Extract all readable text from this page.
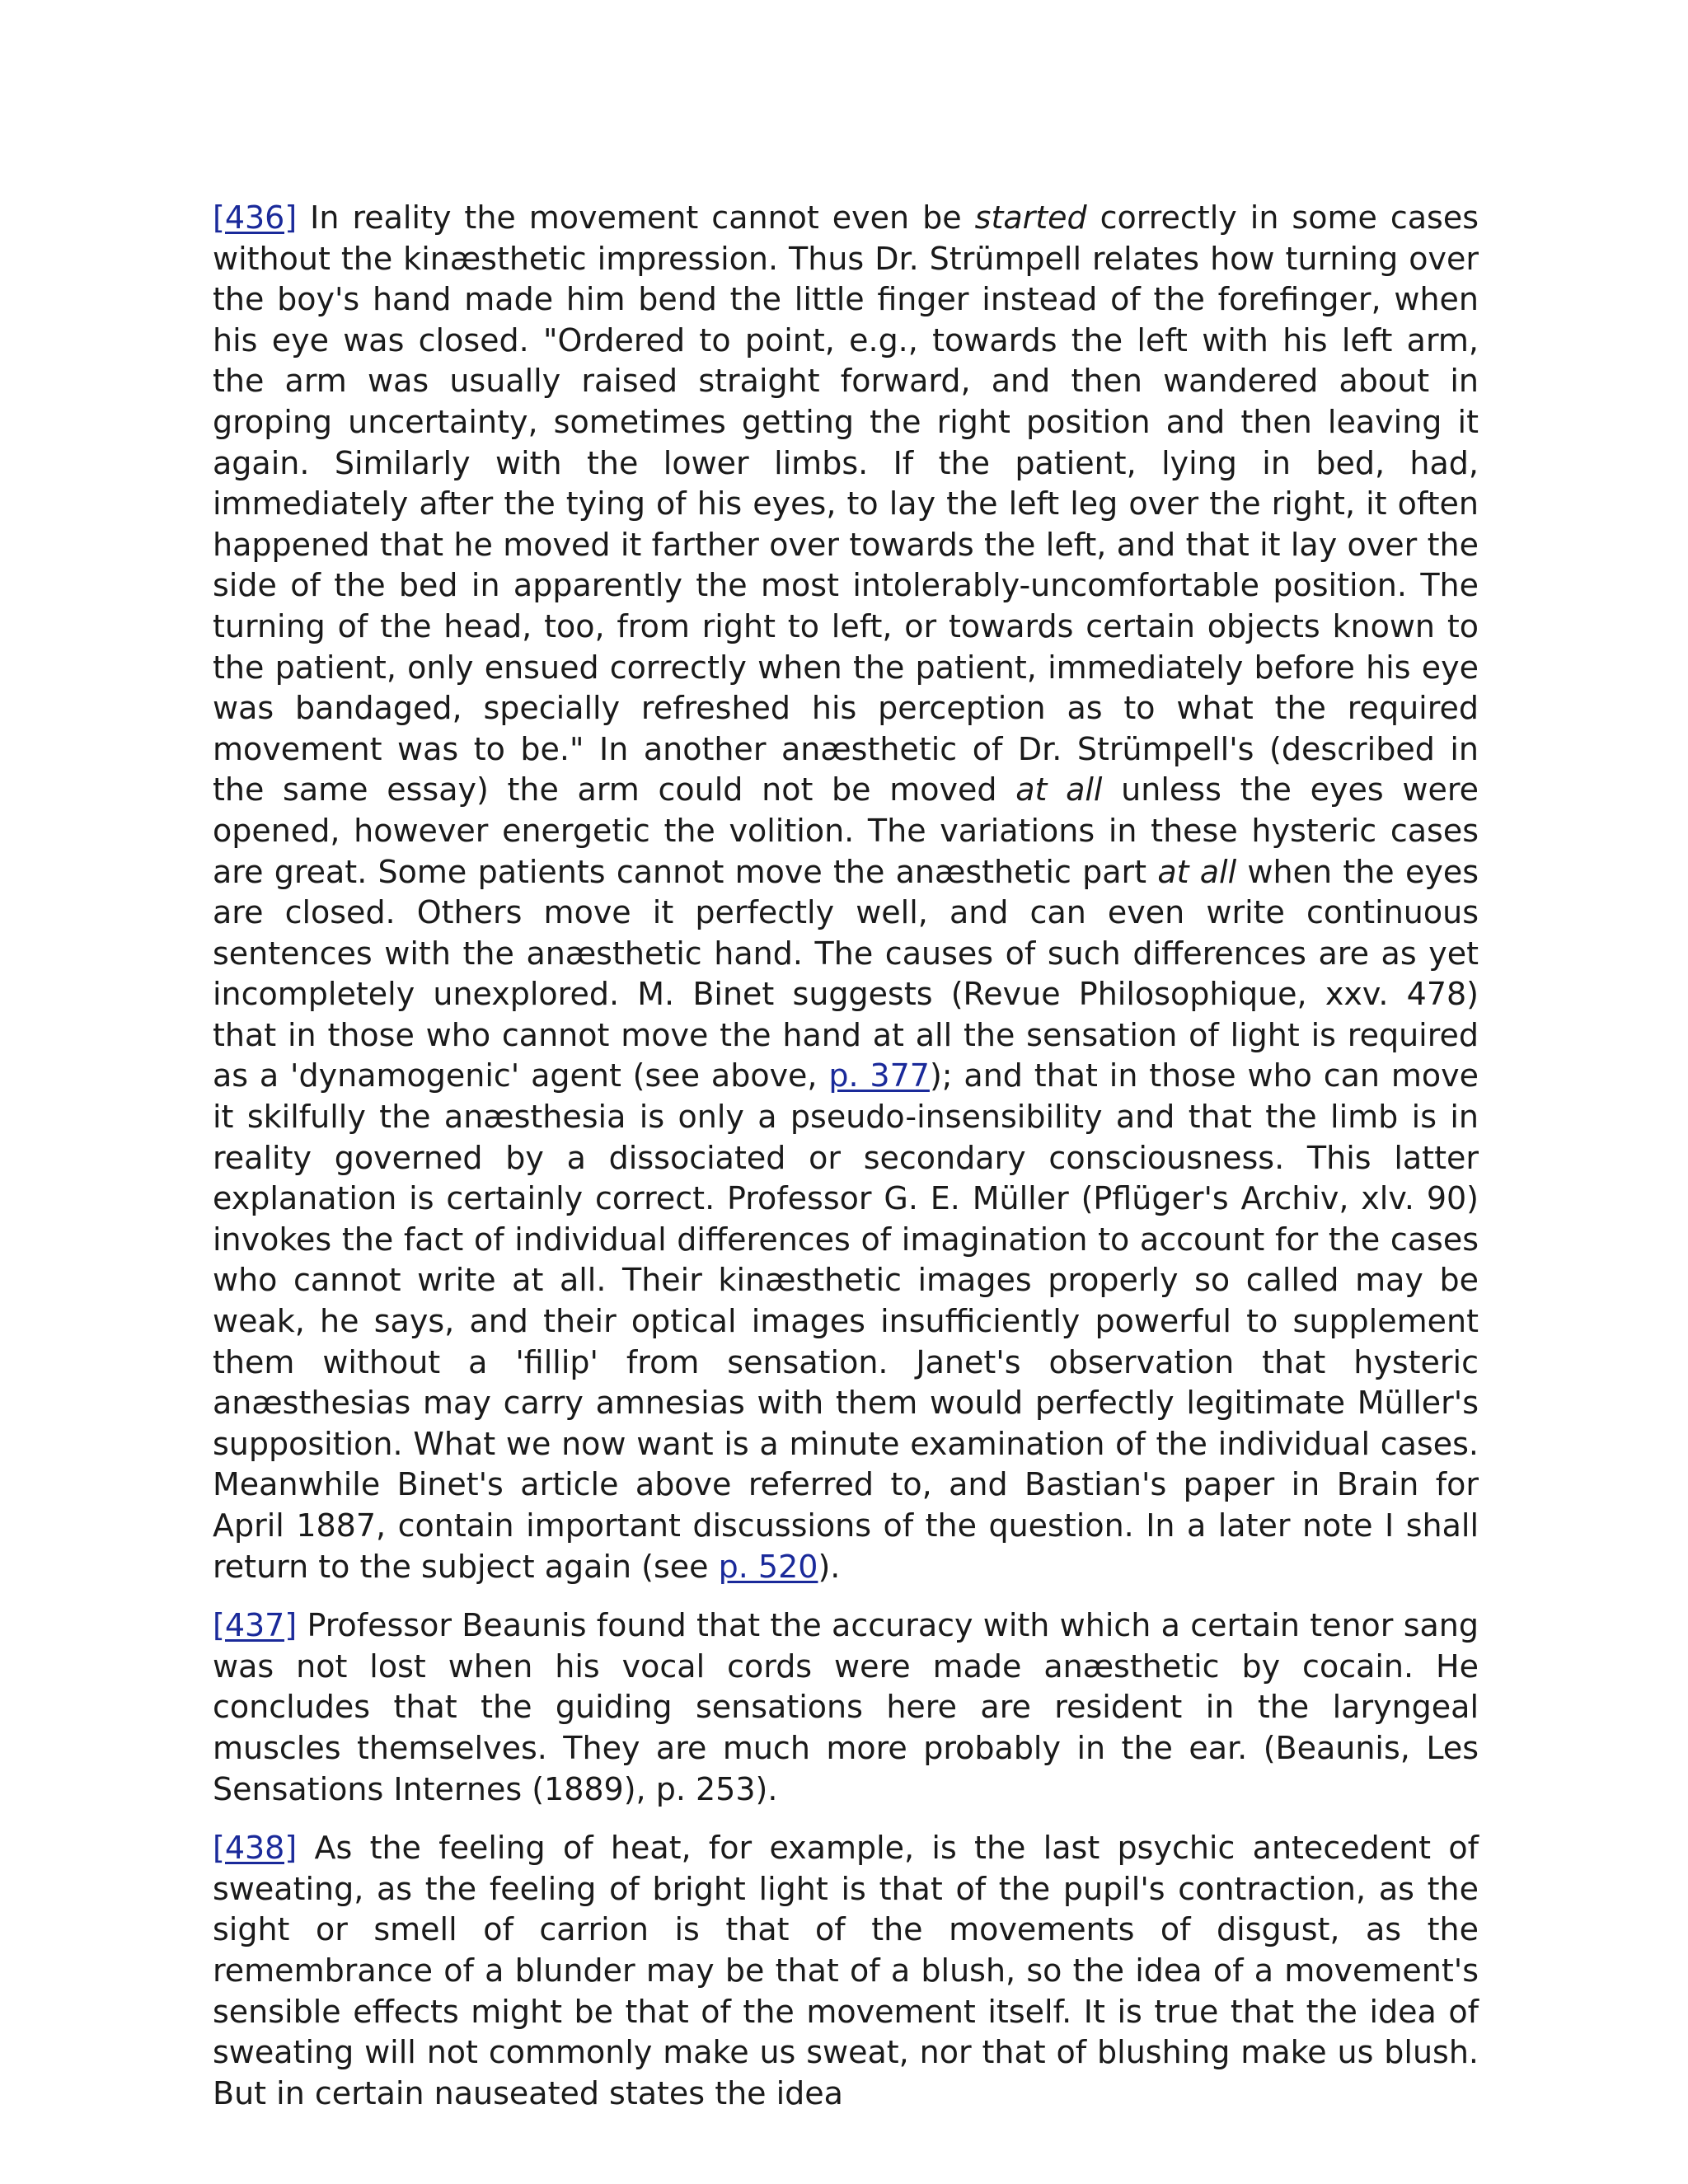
[436] In reality the movement cannot even be started correctly in some cases without the kinæsthetic impression. Thus Dr. Strümpell relates how turning over the boy's hand made him bend the little finger instead of the forefinger, when his eye was closed. "Ordered to point, e.g., towards the left with his left arm, the arm was usually raised straight forward, and then wandered about in groping uncertainty, sometimes getting the right position and then leaving it again. Similarly with the lower limbs. If the patient, lying in bed, had, immediately after the tying of his eyes, to lay the left leg over the right, it often happened that he moved it farther over towards the left, and that it lay over the side of the bed in apparently the most intolerably-uncomfortable position. The turning of the head, too, from right to left, or towards certain objects known to the patient, only ensued correctly when the patient, immediately before his eye was bandaged, specially refreshed his perception as to what the required movement was to be." In another anæsthetic of Dr. Strümpell's (described in the same essay) the arm could not be moved at all unless the eyes were opened, however energetic the volition. The variations in these hysteric cases are great. Some patients cannot move the anæsthetic part at all when the eyes are closed. Others move it perfectly well, and can even write continuous sentences with the anæsthetic hand. The causes of such differences are as yet incompletely unexplored. M. Binet suggests (Revue Philosophique, xxv. 478) that in those who cannot move the hand at all the sensation of light is required as a 'dynamogenic' agent (see above, p. 377); and that in those who can move it skilfully the anæsthesia is only a pseudo-insensibility and that the limb is in reality governed by a dissociated or secondary consciousness. This latter explanation is certainly correct. Professor G. E. Müller (Pflüger's Archiv, xlv. 90) invokes the fact of individual differences of imagination to account for the cases who cannot write at all. Their kinæsthetic images properly so called may be weak, he says, and their optical images insufficiently powerful to supplement them without a 'fillip' from sensation. Janet's observation that hysteric anæsthesias may carry amnesias with them would perfectly legitimate Müller's supposition. What we now want is a minute examination of the individual cases. Meanwhile Binet's article above referred to, and Bastian's paper in Brain for April 1887, contain important discussions of the question. In a later note I shall return to the subject again (see p. 520).

[437] Professor Beaunis found that the accuracy with which a certain tenor sang was not lost when his vocal cords were made anæsthetic by cocain. He concludes that the guiding sensations here are resident in the laryngeal muscles themselves. They are much more probably in the ear. (Beaunis, Les Sensations Internes (1889), p. 253).

[438] As the feeling of heat, for example, is the last psychic antecedent of sweating, as the feeling of bright light is that of the pupil's contraction, as the sight or smell of carrion is that of the movements of disgust, as the remembrance of a blunder may be that of a blush, so the idea of a movement's sensible effects might be that of the movement itself. It is true that the idea of sweating will not commonly make us sweat, nor that of blushing make us blush. But in certain nauseated states the idea
